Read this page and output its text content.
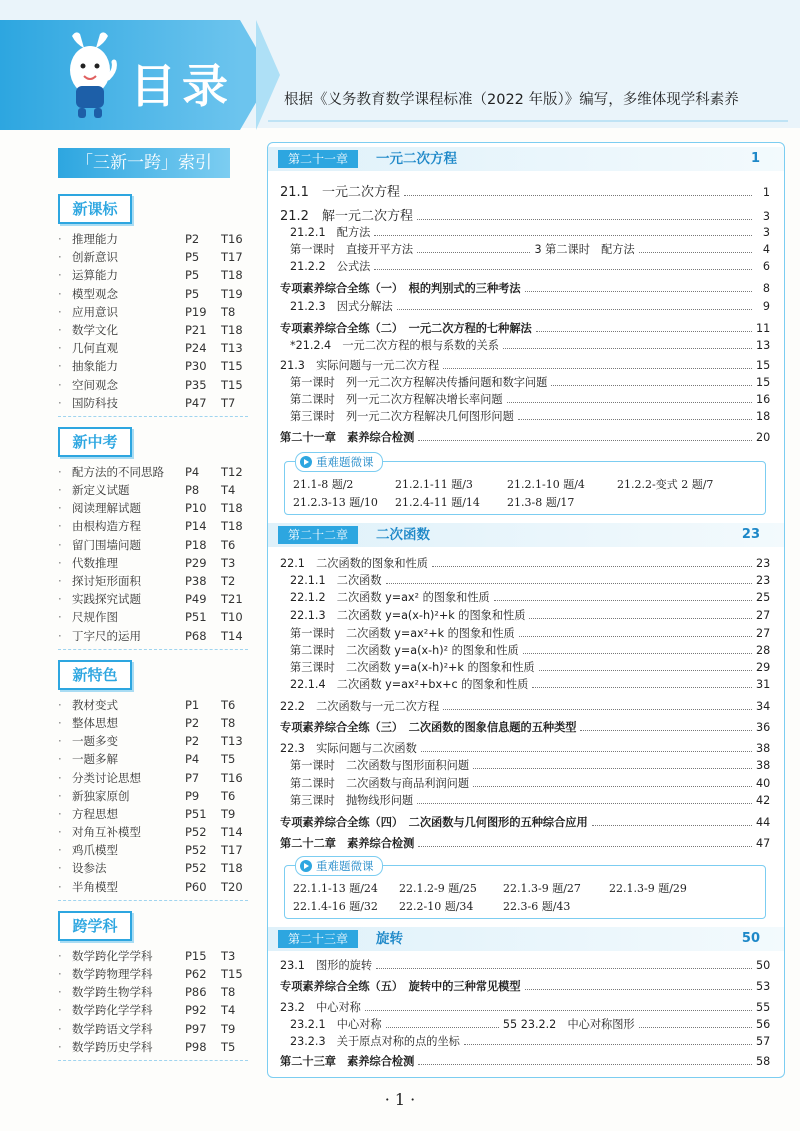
目录	根据《义务教育数学课程标准（2022 年版）》编写，多维体现学科素养
「三新一跨」索引
新课标
· 推理能力	P2	T16
· 创新意识	P5	T17
· 运算能力	P5	T18
· 模型观念	P5	T19
· 应用意识	P19	T8
· 数学文化	P21	T18
· 几何直观	P24	T13
· 抽象能力	P30	T15
· 空间观念	P35	T15
· 国防科技	P47	T7
新中考
· 配方法的不同思路	P4	T12
· 新定义试题	P8	T4
· 阅读理解试题	P10	T18
· 由根构造方程	P14	T18
· 留门围墙问题	P18	T6
· 代数推理	P29	T3
· 探讨矩形面积	P38	T2
· 实践探究试题	P49	T21
· 尺规作图	P51	T10
· 丁字尺的运用	P68	T14
新特色
· 教材变式	P1	T6
· 整体思想	P2	T8
· 一题多变	P2	T13
· 一题多解	P4	T5
· 分类讨论思想	P7	T16
· 新独家原创	P9	T6
· 方程思想	P51	T9
· 对角互补模型	P52	T14
· 鸡爪模型	P52	T17
· 设参法	P52	T18
· 半角模型	P60	T20
跨学科
· 数学跨化学学科	P15	T3
· 数学跨物理学科	P62	T15
· 数学跨生物学科	P86	T8
· 数学跨化学学科	P92	T4
· 数学跨语文学科	P97	T9
· 数学跨历史学科	P98	T5
第二十一章	一元二次方程	1
21.1　一元二次方程	1
21.2　解一元二次方程	3
21.2.1　配方法	3
第一课时　直接开平方法	3 第二课时　配方法	4
21.2.2　公式法	6
专项素养综合全练（一）　根的判别式的三种考法	8
21.2.3　因式分解法	9
专项素养综合全练（二）　一元二次方程的七种解法	11
*21.2.4　一元二次方程的根与系数的关系	13
21.3　实际问题与一元二次方程	15
第一课时　列一元二次方程解决传播问题和数字问题	15
第二课时　列一元二次方程解决增长率问题	16
第三课时　列一元二次方程解决几何图形问题	18
第二十一章　素养综合检测	20
重难题微课
21.1-8 题/2	21.2.1-11 题/3	21.2.1-10 题/4	21.2.2-变式 2 题/7
21.2.3-13 题/10 21.2.4-11 题/14 21.3-8 题/17
第二十二章	二次函数	23
22.1　二次函数的图象和性质	23
22.1.1　二次函数	23
22.1.2　二次函数 y=ax² 的图象和性质	25
22.1.3　二次函数 y=a(x-h)²+k 的图象和性质	27
第一课时　二次函数 y=ax²+k 的图象和性质	27
第二课时　二次函数 y=a(x-h)² 的图象和性质	28
第三课时　二次函数 y=a(x-h)²+k 的图象和性质	29
22.1.4　二次函数 y=ax²+bx+c 的图象和性质	31
22.2　二次函数与一元二次方程	34
专项素养综合全练（三）　二次函数的图象信息题的五种类型	36
22.3　实际问题与二次函数	38
第一课时　二次函数与图形面积问题	38
第二课时　二次函数与商品利润问题	40
第三课时　抛物线形问题	42
专项素养综合全练（四）　二次函数与几何图形的五种综合应用	44
第二十二章　素养综合检测	47
重难题微课
22.1.1-13 题/24 22.1.2-9 题/25 22.1.3-9 题/27	22.1.3-9 题/29
22.1.4-16 题/32 22.2-10 题/34	22.3-6 题/43
第二十三章	旋转	50
23.1　图形的旋转	50
专项素养综合全练（五）　旋转中的三种常见模型	53
23.2　中心对称	55
23.2.1　中心对称	55 23.2.2　中心对称图形	56
23.2.3　关于原点对称的点的坐标	57
第二十三章　素养综合检测	58
· 1 ·
